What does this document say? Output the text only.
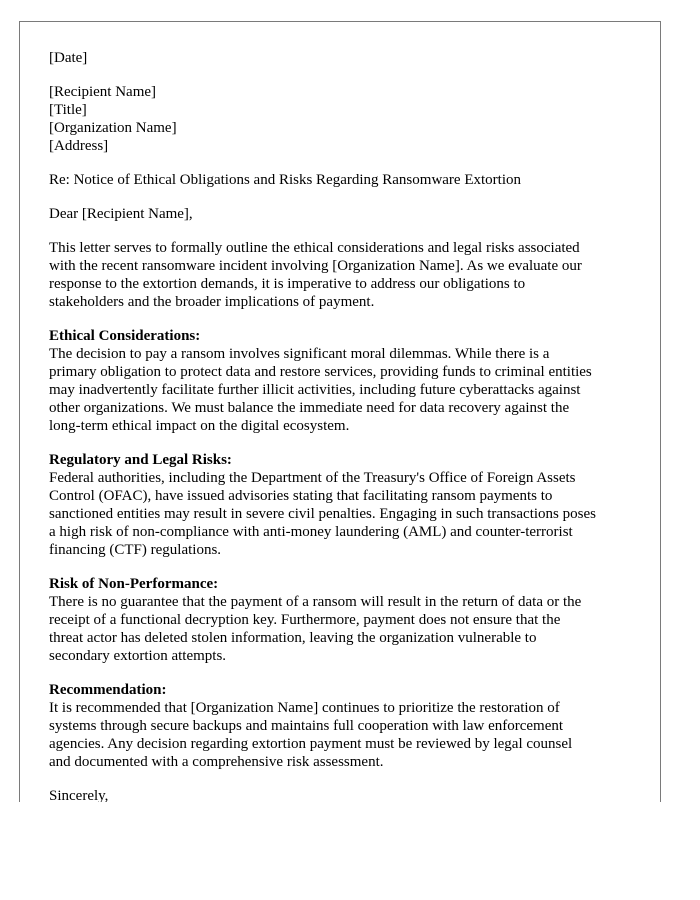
[Date]
[Recipient Name]
[Title]
[Organization Name]
[Address]
Re: Notice of Ethical Obligations and Risks Regarding Ransomware Extortion
Dear [Recipient Name],
This letter serves to formally outline the ethical considerations and legal risks associated
with the recent ransomware incident involving [Organization Name]. As we evaluate our
response to the extortion demands, it is imperative to address our obligations to
stakeholders and the broader implications of payment.
Ethical Considerations:
The decision to pay a ransom involves significant moral dilemmas. While there is a
primary obligation to protect data and restore services, providing funds to criminal entities
may inadvertently facilitate further illicit activities, including future cyberattacks against
other organizations. We must balance the immediate need for data recovery against the
long-term ethical impact on the digital ecosystem.
Regulatory and Legal Risks:
Federal authorities, including the Department of the Treasury's Office of Foreign Assets
Control (OFAC), have issued advisories stating that facilitating ransom payments to
sanctioned entities may result in severe civil penalties. Engaging in such transactions poses
a high risk of non-compliance with anti-money laundering (AML) and counter-terrorist
financing (CTF) regulations.
Risk of Non-Performance:
There is no guarantee that the payment of a ransom will result in the return of data or the
receipt of a functional decryption key. Furthermore, payment does not ensure that the
threat actor has deleted stolen information, leaving the organization vulnerable to
secondary extortion attempts.
Recommendation:
It is recommended that [Organization Name] continues to prioritize the restoration of
systems through secure backups and maintains full cooperation with law enforcement
agencies. Any decision regarding extortion payment must be reviewed by legal counsel
and documented with a comprehensive risk assessment.
Sincerely,
